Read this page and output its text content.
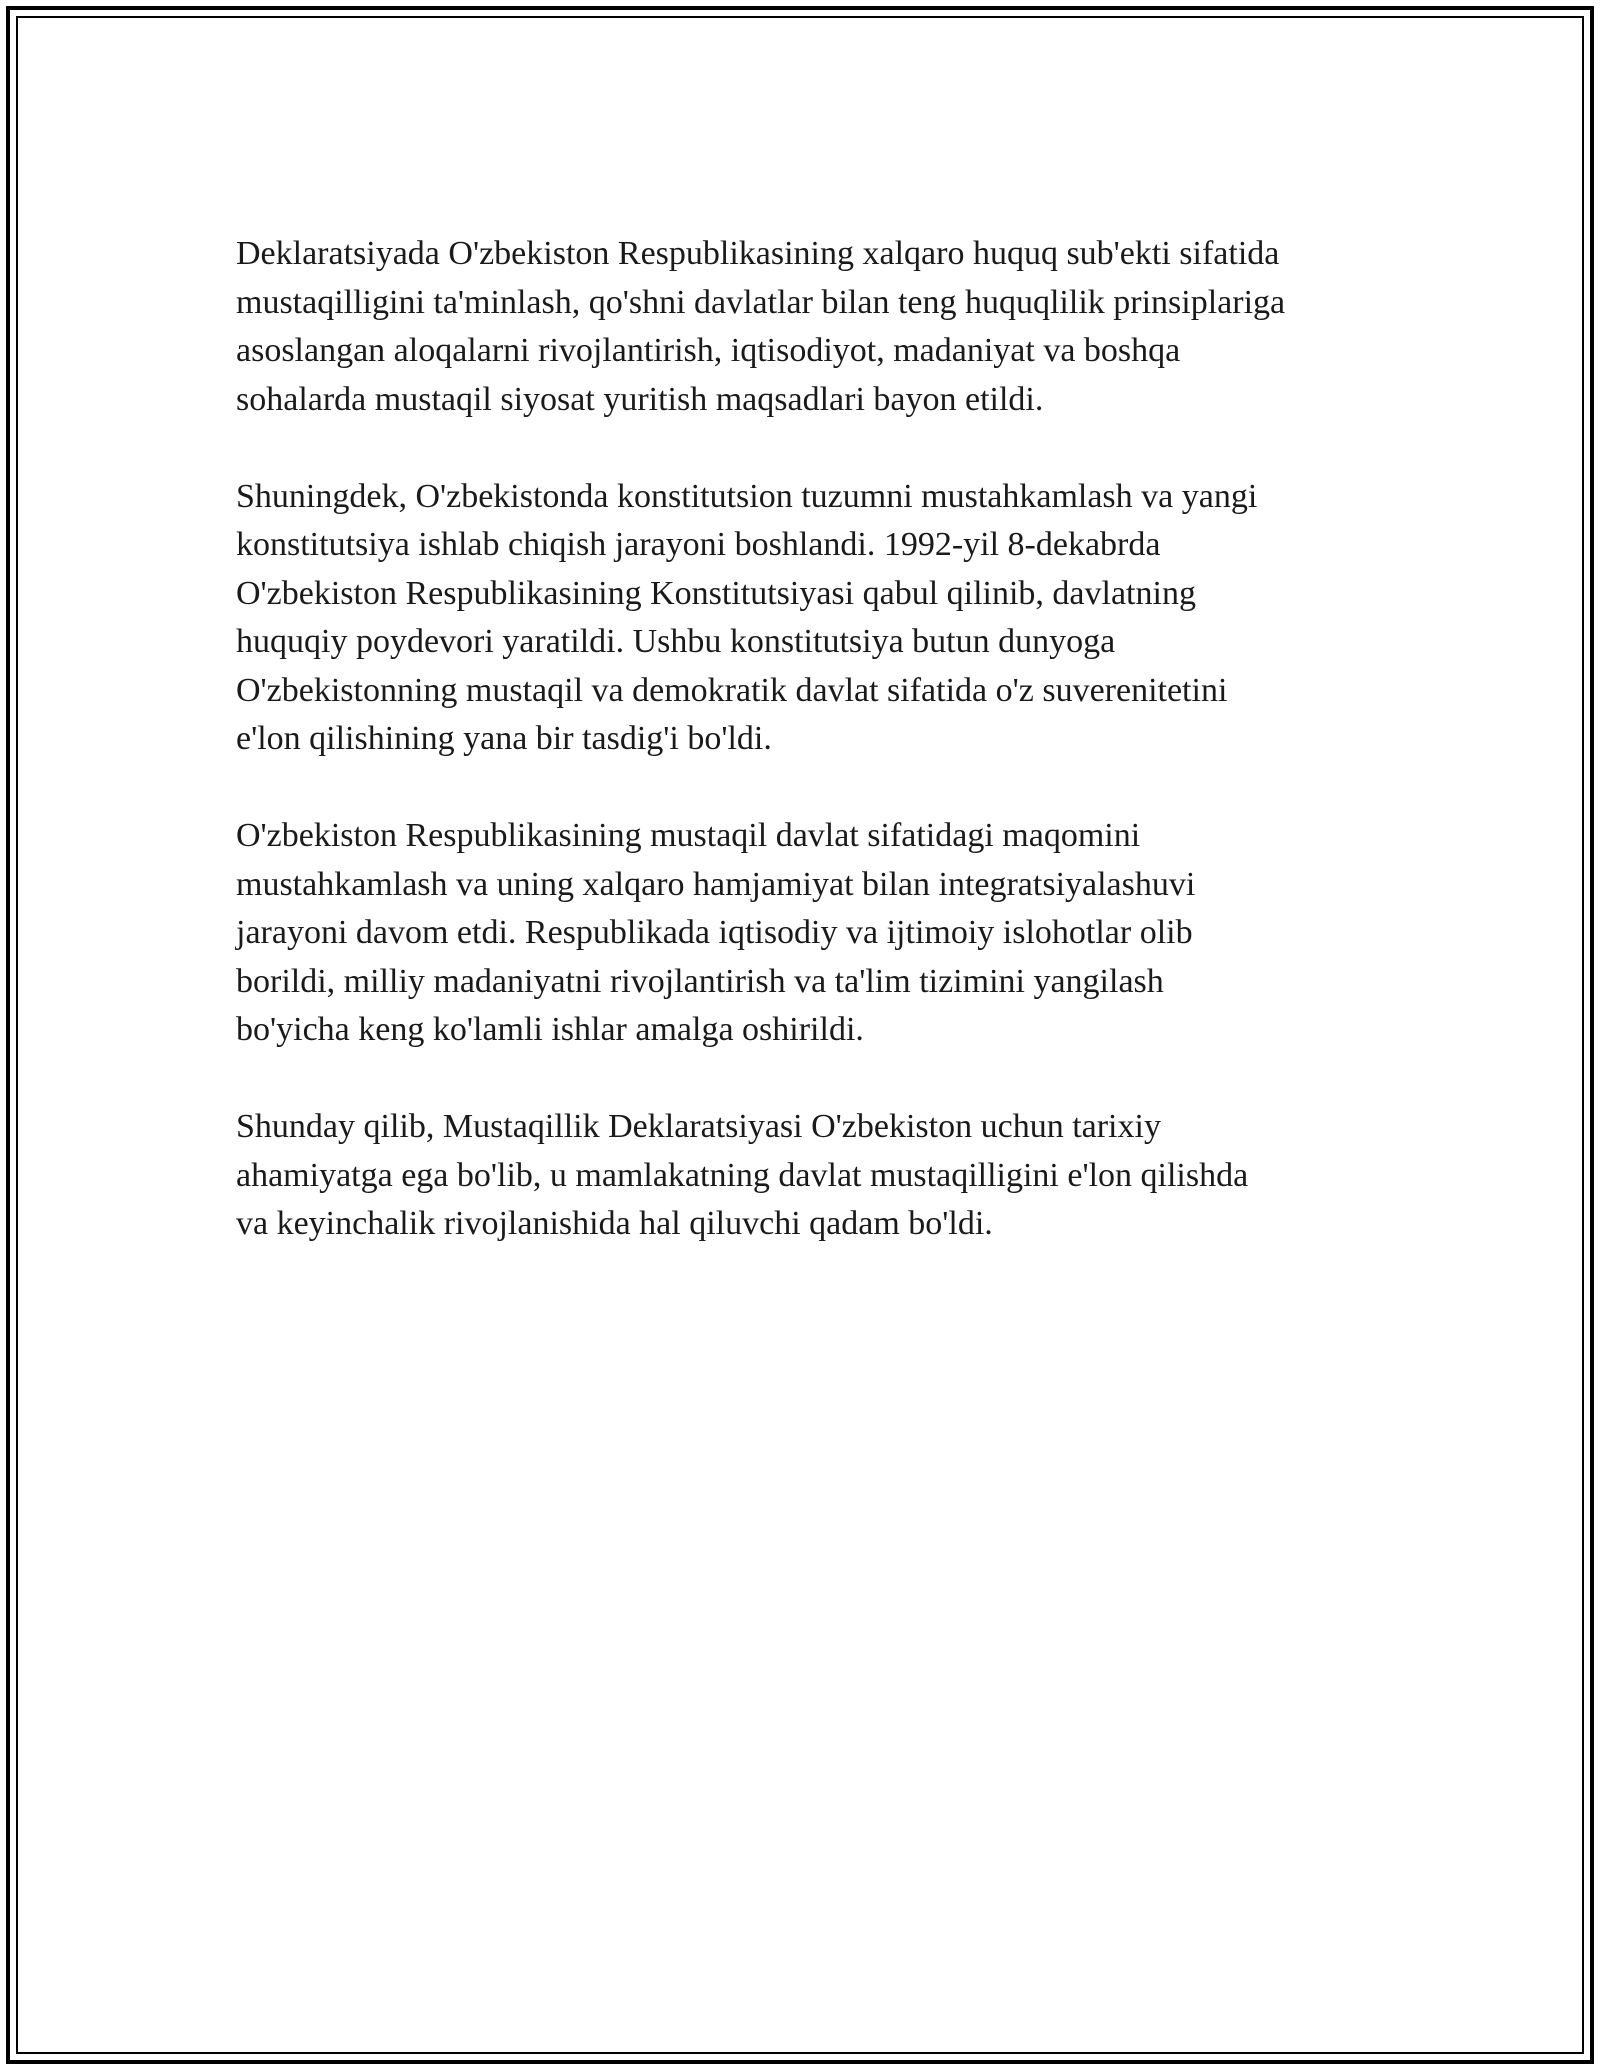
Deklaratsiyada O'zbekiston Respublikasining xalqaro huquq sub'ekti sifatida
mustaqilligini ta'minlash, qo'shni davlatlar bilan teng huquqlilik prinsiplariga
asoslangan aloqalarni rivojlantirish, iqtisodiyot, madaniyat va boshqa
sohalarda mustaqil siyosat yuritish maqsadlari bayon etildi.

Shuningdek, O'zbekistonda konstitutsion tuzumni mustahkamlash va yangi
konstitutsiya ishlab chiqish jarayoni boshlandi. 1992-yil 8-dekabrda
O'zbekiston Respublikasining Konstitutsiyasi qabul qilinib, davlatning
huquqiy poydevori yaratildi. Ushbu konstitutsiya butun dunyoga
O'zbekistonning mustaqil va demokratik davlat sifatida o'z suverenitetini
e'lon qilishining yana bir tasdig'i bo'ldi.

O'zbekiston Respublikasining mustaqil davlat sifatidagi maqomini
mustahkamlash va uning xalqaro hamjamiyat bilan integratsiyalashuvi
jarayoni davom etdi. Respublikada iqtisodiy va ijtimoiy islohotlar olib
borildi, milliy madaniyatni rivojlantirish va ta'lim tizimini yangilash
bo'yicha keng ko'lamli ishlar amalga oshirildi.

Shunday qilib, Mustaqillik Deklaratsiyasi O'zbekiston uchun tarixiy
ahamiyatga ega bo'lib, u mamlakatning davlat mustaqilligini e'lon qilishda
va keyinchalik rivojlanishida hal qiluvchi qadam bo'ldi.
